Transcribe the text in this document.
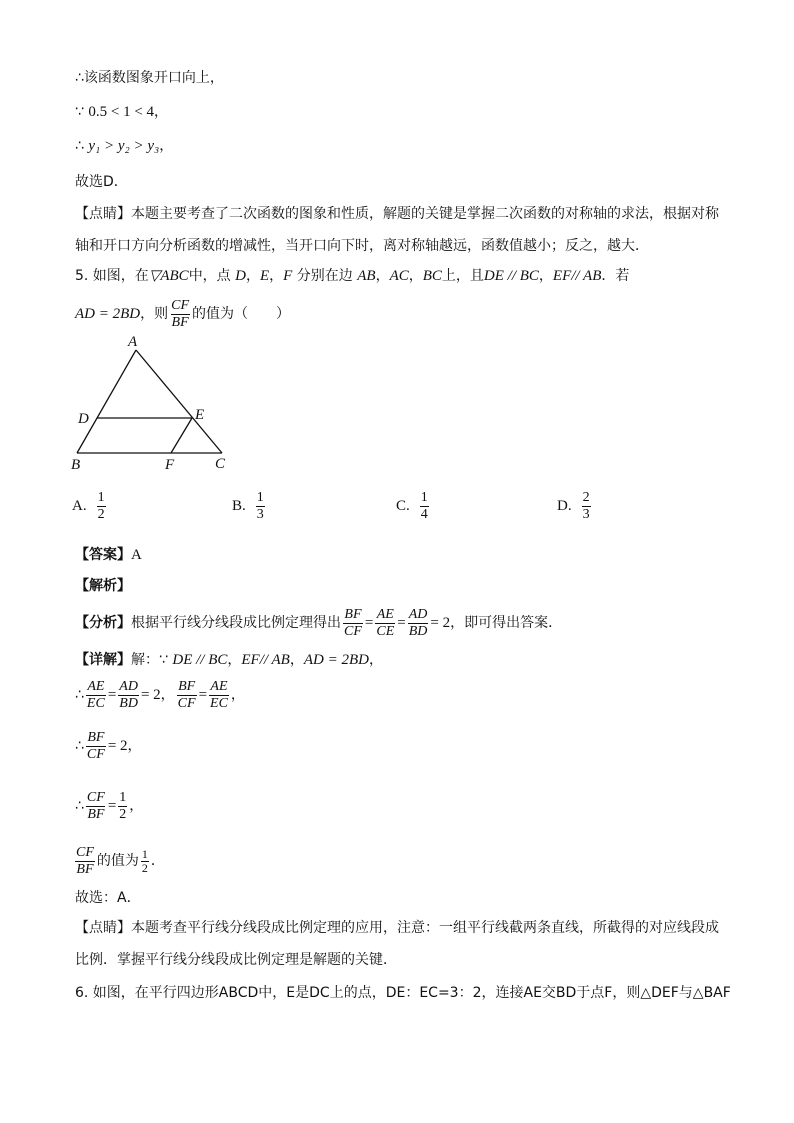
∴该函数图象开口向上，
∵ 0.5 < 1 < 4，
∴ y₁ > y₂ > y₃，
故选D．
【点睛】本题主要考查了二次函数的图象和性质，解题的关键是掌握二次函数的对称轴的求法，根据对称
轴和开口方向分析函数的增减性，当开口向下时，离对称轴越远，函数值越小；反之，越大．
5. 如图，在▽ABC中，点 D，E，F 分别在边 AB，AC，BC上，且DE // BC，EF// AB．若
AD = 2BD，则 $\frac{CF}{BF}$ 的值为（　　）
A
D	E
B	F	C
A. $\frac{1}{2}$	B. $\frac{1}{3}$	C. $\frac{1}{4}$	D. $\frac{2}{3}$
【答案】A
【解析】
【分析】根据平行线分线段成比例定理得出 $\frac{BF}{CF} = \frac{AE}{CE} = \frac{AD}{BD} = 2$，即可得出答案．
【详解】解：∵ DE // BC，EF// AB，AD = 2BD，
∴ $\frac{AE}{EC} = \frac{AD}{BD} = 2$， $\frac{BF}{CF} = \frac{AE}{EC}$ ，
∴ $\frac{BF}{CF} = 2$，
∴ $\frac{CF}{BF} = \frac{1}{2}$ ，
$\frac{CF}{BF}$ 的值为 $\frac{1}{2}$ ．
故选：A．
【点睛】本题考查平行线分线段成比例定理的应用，注意：一组平行线截两条直线，所截得的对应线段成
比例．掌握平行线分线段成比例定理是解题的关键．
6. 如图，在平行四边形ABCD中，E是DC上的点，DE：EC=3：2，连接AE交BD于点F，则△DEF与△BAF
